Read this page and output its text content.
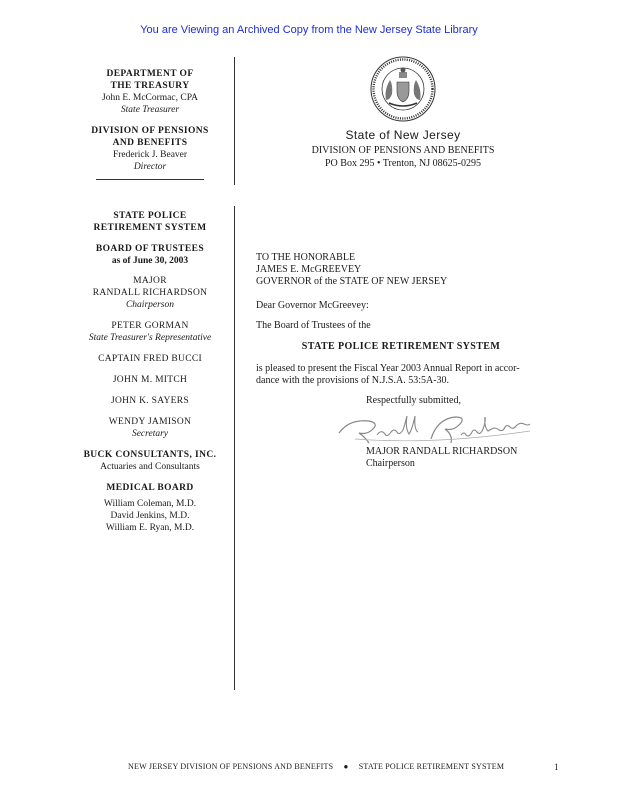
You are Viewing an Archived Copy from the New Jersey State Library
DEPARTMENT OF
THE TREASURY
John E. McCormac, CPA
State Treasurer
DIVISION OF PENSIONS
AND BENEFITS
Frederick J. Beaver
Director
STATE POLICE
RETIREMENT SYSTEM
BOARD OF TRUSTEES
as of June 30, 2003
MAJOR
RANDALL RICHARDSON
Chairperson
PETER GORMAN
State Treasurer's Representative
CAPTAIN FRED BUCCI
JOHN M. MITCH
JOHN K. SAYERS
WENDY JAMISON
Secretary
BUCK CONSULTANTS, INC.
Actuaries and Consultants
MEDICAL BOARD
William Coleman, M.D.
David Jenkins, M.D.
William E. Ryan, M.D.
State of New Jersey
DIVISION OF PENSIONS AND BENEFITS
PO Box 295 • Trenton, NJ 08625-0295
TO THE HONORABLE
JAMES E. McGREEVEY
GOVERNOR of the STATE OF NEW JERSEY
Dear Governor McGreevey:
The Board of Trustees of the
STATE POLICE RETIREMENT SYSTEM
is pleased to present the Fiscal Year 2003 Annual Report in accor-
dance with the provisions of N.J.S.A. 53:5A-30.
Respectfully submitted,
MAJOR RANDALL RICHARDSON
Chairperson
NEW JERSEY DIVISION OF PENSIONS AND BENEFITS ● STATE POLICE RETIREMENT SYSTEM	1
